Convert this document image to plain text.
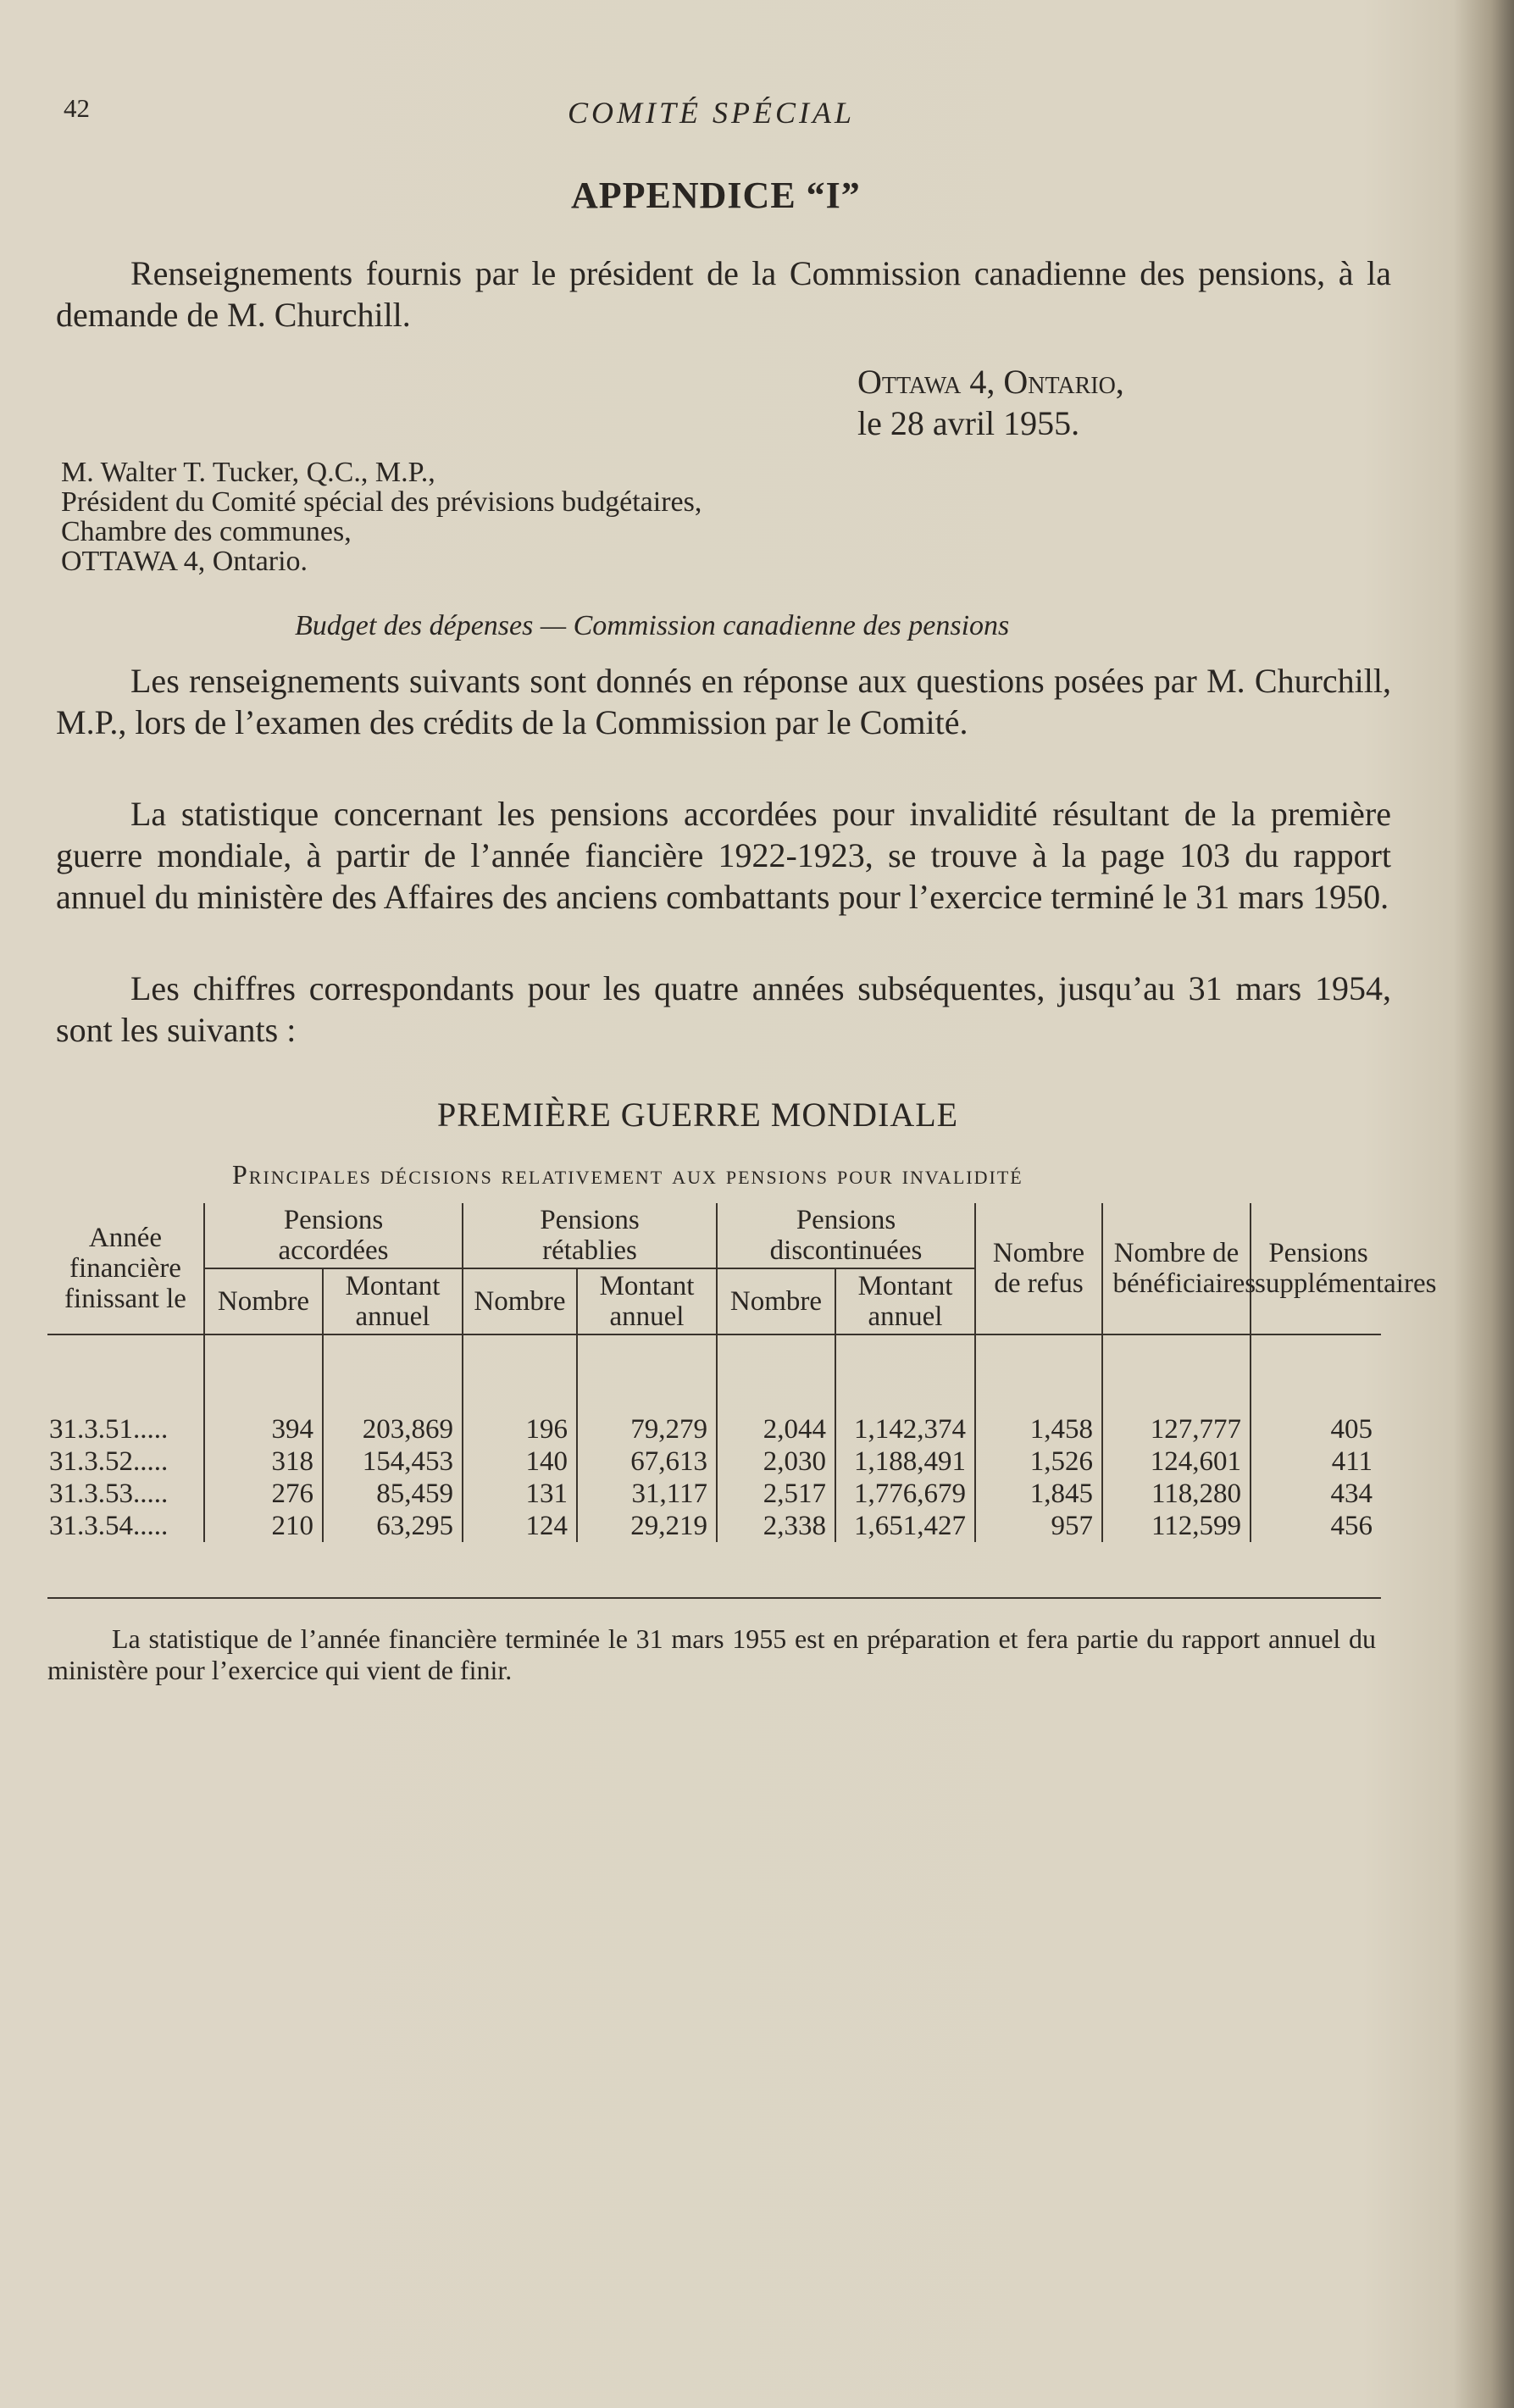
42	COMITÉ SPÉCIAL
APPENDICE “I”
Renseignements fournis par le président de la Commission canadienne des pensions, à la demande de M. Churchill.
Ottawa 4, Ontario,
le 28 avril 1955.
M. Walter T. Tucker, Q.C., M.P.,
Président du Comité spécial des prévisions budgétaires,
Chambre des communes,
OTTAWA 4, Ontario.
Budget des dépenses — Commission canadienne des pensions
Les renseignements suivants sont donnés en réponse aux questions posées par M. Churchill, M.P., lors de l’examen des crédits de la Commission par le Comité.
La statistique concernant les pensions accordées pour invalidité résultant de la première guerre mondiale, à partir de l’année fiancière 1922-1923, se trouve à la page 103 du rapport annuel du ministère des Affaires des anciens combattants pour l’exercice terminé le 31 mars 1950.
Les chiffres correspondants pour les quatre années subséquentes, jusqu’au 31 mars 1954, sont les suivants :
PREMIÈRE GUERRE MONDIALE
Principales décisions relativement aux pensions pour invalidité
Année financière finissant le	Pensions accordées		Pensions rétablies		Pensions discontinuées		Nombre de refus	Nombre de bénéficiaires	Pensions supplémentaires
	Nombre	Montant annuel	Nombre	Montant annuel	Nombre	Montant annuel			

31.3.51.....	394	203,869	196	79,279	2,044	1,142,374	1,458	127,777	405
31.3.52.....	318	154,453	140	67,613	2,030	1,188,491	1,526	124,601	411
31.3.53.....	276	85,459	131	31,117	2,517	1,776,679	1,845	118,280	434
31.3.54.....	210	63,295	124	29,219	2,338	1,651,427	957	112,599	456
La statistique de l’année financière terminée le 31 mars 1955 est en préparation et fera partie du rapport annuel du ministère pour l’exercice qui vient de finir.
